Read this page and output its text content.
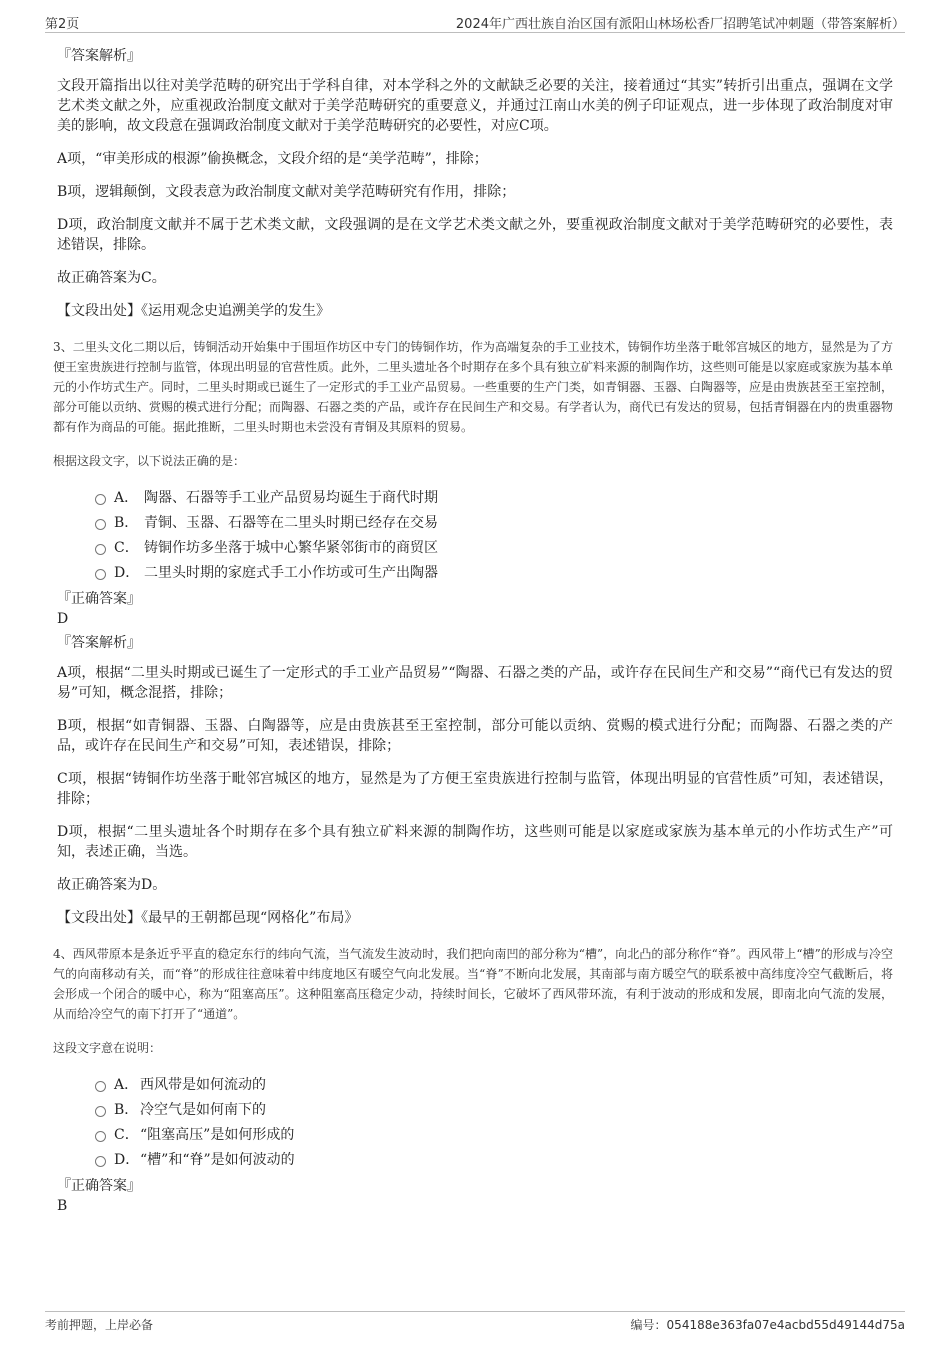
第2页	2024年广西壮族自治区国有派阳山林场松香厂招聘笔试冲刺题（带答案解析）

『答案解析』

文段开篇指出以往对美学范畴的研究出于学科自律，对本学科之外的文献缺乏必要的关注，接着通过“其实”转折引出重点，强调在文学艺术类文献之外，应重视政治制度文献对于美学范畴研究的重要意义，并通过江南山水美的例子印证观点，进一步体现了政治制度对审美的影响，故文段意在强调政治制度文献对于美学范畴研究的必要性，对应C项。

A项，“审美形成的根源”偷换概念，文段介绍的是“美学范畴”，排除；

B项，逻辑颠倒，文段表意为政治制度文献对美学范畴研究有作用，排除；

D项，政治制度文献并不属于艺术类文献，文段强调的是在文学艺术类文献之外，要重视政治制度文献对于美学范畴研究的必要性，表述错误，排除。

故正确答案为C。

【文段出处】《运用观念史追溯美学的发生》

3、二里头文化二期以后，铸铜活动开始集中于围垣作坊区中专门的铸铜作坊，作为高端复杂的手工业技术，铸铜作坊坐落于毗邻宫城区的地方，显然是为了方便王室贵族进行控制与监管，体现出明显的官营性质。此外，二里头遗址各个时期存在多个具有独立矿料来源的制陶作坊，这些则可能是以家庭或家族为基本单元的小作坊式生产。同时，二里头时期或已诞生了一定形式的手工业产品贸易。一些重要的生产门类，如青铜器、玉器、白陶器等，应是由贵族甚至王室控制，部分可能以贡纳、赏赐的模式进行分配；而陶器、石器之类的产品，或许存在民间生产和交易。有学者认为，商代已有发达的贸易，包括青铜器在内的贵重器物都有作为商品的可能。据此推断，二里头时期也未尝没有青铜及其原料的贸易。

根据这段文字，以下说法正确的是：

A． 陶器、石器等手工业产品贸易均诞生于商代时期
B． 青铜、玉器、石器等在二里头时期已经存在交易
C． 铸铜作坊多坐落于城中心繁华紧邻街市的商贸区
D． 二里头时期的家庭式手工小作坊或可生产出陶器

『正确答案』

D

『答案解析』

A项，根据“二里头时期或已诞生了一定形式的手工业产品贸易”“陶器、石器之类的产品，或许存在民间生产和交易”“商代已有发达的贸易”可知，概念混搭，排除；

B项，根据“如青铜器、玉器、白陶器等，应是由贵族甚至王室控制，部分可能以贡纳、赏赐的模式进行分配；而陶器、石器之类的产品，或许存在民间生产和交易”可知，表述错误，排除；

C项，根据“铸铜作坊坐落于毗邻宫城区的地方，显然是为了方便王室贵族进行控制与监管，体现出明显的官营性质”可知，表述错误，排除；

D项，根据“二里头遗址各个时期存在多个具有独立矿料来源的制陶作坊，这些则可能是以家庭或家族为基本单元的小作坊式生产”可知，表述正确，当选。

故正确答案为D。

【文段出处】《最早的王朝都邑现“网格化”布局》

4、西风带原本是条近乎平直的稳定东行的纬向气流，当气流发生波动时，我们把向南凹的部分称为“槽”，向北凸的部分称作“脊”。西风带上“槽”的形成与冷空气的向南移动有关，而“脊”的形成往往意味着中纬度地区有暖空气向北发展。当“脊”不断向北发展，其南部与南方暖空气的联系被中高纬度冷空气截断后，将会形成一个闭合的暖中心，称为“阻塞高压”。这种阻塞高压稳定少动，持续时间长，它破坏了西风带环流，有利于波动的形成和发展，即南北向气流的发展，从而给冷空气的南下打开了“通道”。

这段文字意在说明：

A． 西风带是如何流动的
B． 冷空气是如何南下的
C． “阻塞高压”是如何形成的
D． “槽”和“脊”是如何波动的

『正确答案』

B

考前押题，上岸必备	编号：054188e363fa07e4acbd55d49144d75a
